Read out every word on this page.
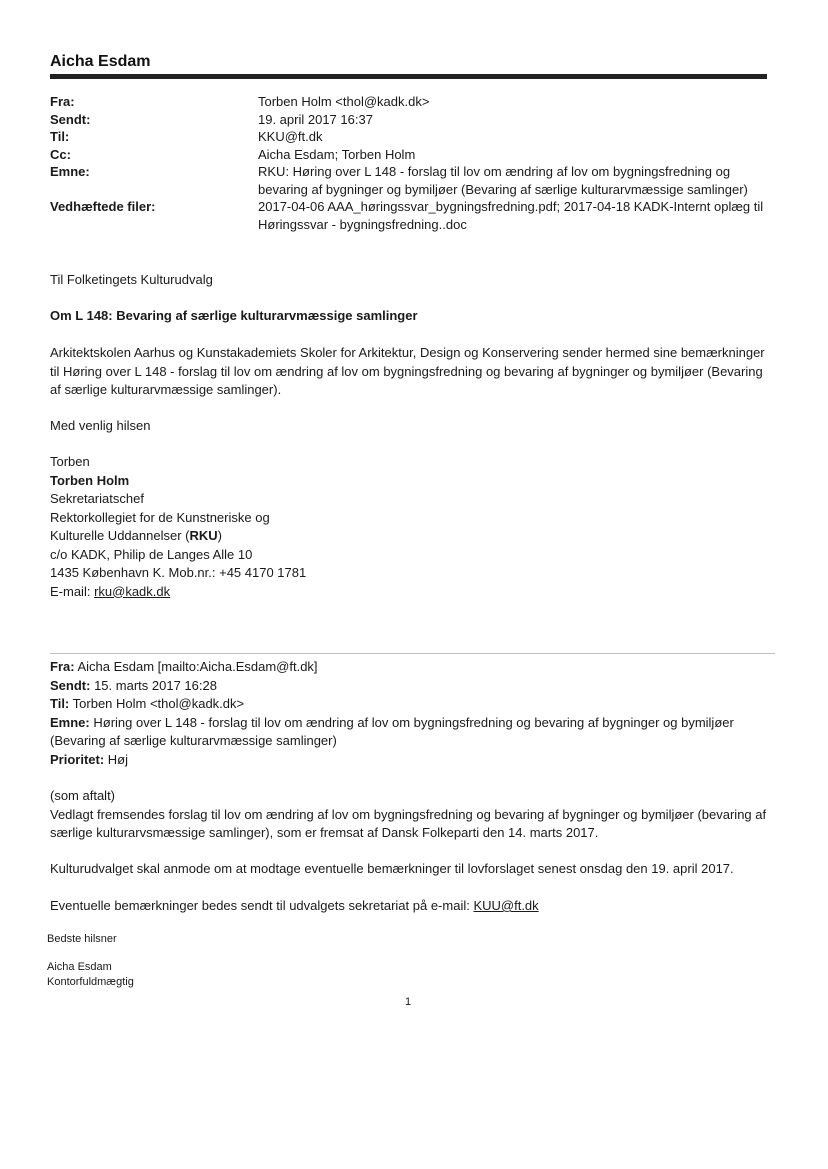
Aicha Esdam
Fra:	Torben Holm <thol@kadk.dk>
Sendt:	19. april 2017 16:37
Til:	KKU@ft.dk
Cc:	Aicha Esdam; Torben Holm
Emne:	RKU: Høring over L 148 - forslag til lov om ændring af lov om bygningsfredning og bevaring af bygninger og bymiljøer (Bevaring af særlige kulturarvmæssige samlinger)
Vedhæftede filer:	2017-04-06 AAA_høringssvar_bygningsfredning.pdf; 2017-04-18 KADK-Internt oplæg til Høringssvar - bygningsfredning..doc
Til Folketingets Kulturudvalg
Om L 148: Bevaring af særlige kulturarvmæssige samlinger
Arkitektskolen Aarhus og Kunstakademiets Skoler for Arkitektur, Design og Konservering sender hermed sine bemærkninger til Høring over L 148 - forslag til lov om ændring af lov om bygningsfredning og bevaring af bygninger og bymiljøer (Bevaring af særlige kulturarvmæssige samlinger).
Med venlig hilsen
Torben
Torben Holm
Sekretariatschef
Rektorkollegiet for de Kunstneriske og
Kulturelle Uddannelser (RKU)
c/o KADK, Philip de Langes Alle 10
1435 København K. Mob.nr.: +45 4170 1781
E-mail: rku@kadk.dk
Fra: Aicha Esdam [mailto:Aicha.Esdam@ft.dk]
Sendt: 15. marts 2017 16:28
Til: Torben Holm <thol@kadk.dk>
Emne: Høring over L 148 - forslag til lov om ændring af lov om bygningsfredning og bevaring af bygninger og bymiljøer (Bevaring af særlige kulturarvmæssige samlinger)
Prioritet: Høj
(som aftalt)
Vedlagt fremsendes forslag til lov om ændring af lov om bygningsfredning og bevaring af bygninger og bymiljøer (bevaring af særlige kulturarvsmæssige samlinger), som er fremsat af Dansk Folkeparti den 14. marts 2017.
Kulturudvalget skal anmode om at modtage eventuelle bemærkninger til lovforslaget senest onsdag den 19. april 2017.
Eventuelle bemærkninger bedes sendt til udvalgets sekretariat på e-mail: KUU@ft.dk
Bedste hilsner
Aicha Esdam
Kontorfuldmægtig
1
